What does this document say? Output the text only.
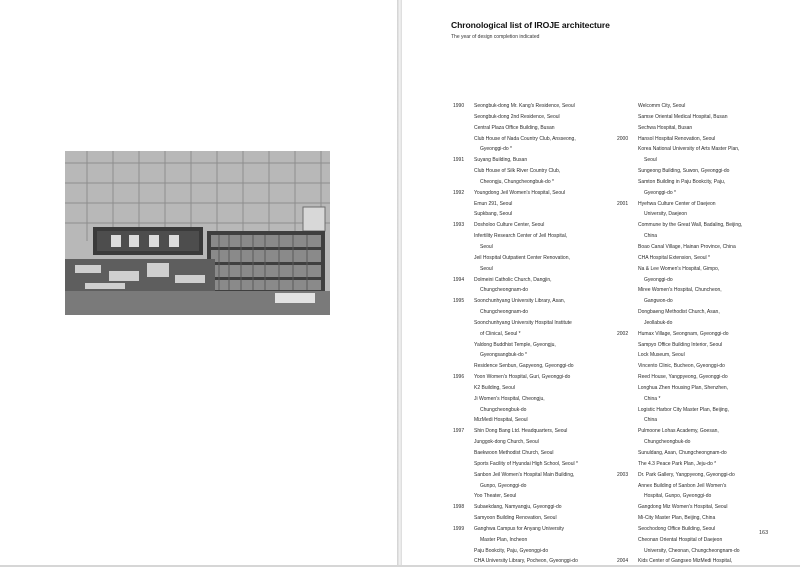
Chronological list of IROJE architecture
The year of design completion indicated
1990 Seongbuk-dong Mr. Kang's Residence, Seoul
Seongbuk-dong 2nd Residence, Seoul
Central Plaza Office Building, Busan
Club House of Nada Country Club, Ansseong,
Gyeonggi-do *
1991 Suyang Building, Busan
Club House of Silk River Country Club,
Cheongju, Chungcheongbuk-do *
1992 Youngdong Jeil Women's Hospital, Seoul
Emun 291, Seoul
Supkbang, Seoul
1993 Dosholoo Culture Center, Seoul
Infertility Research Center of Jeil Hospital,
Seoul
Jeil Hospital Outpatient Center Renovation,
Seoul
1994 Dolmeini Catholic Church, Dangjin,
Chungcheongnam-do
1995 Soonchunhyang University Library, Asan,
Chungcheongnam-do
Soonchunhyang University Hospital Institute
of Clinical, Seoul *
Yaldong Buddhist Temple, Gyeongju,
Gyeongsangbuk-do *
Residence Senbun, Gapyeong, Gyeonggi-do
1996 Yoon Women's Hospital, Guri, Gyeonggi-do
K2 Building, Seoul
Ji Women's Hospital, Cheongju,
Chungcheongbuk-do
MizMedi Hospital, Seoul
1997 Shin Dong Bang Ltd. Headquarters, Seoul
Junggok-dong Church, Seoul
Baekwoon Methodist Church, Seoul
Sports Facility of Hyundai High School, Seoul *
Sanbon Jeil Women's Hospital Main Building,
Gunpo, Gyeonggi-do
Yoo Theater, Seoul
1998 Subaekdang, Namyangju, Gyeonggi-do
Samyoon Building Renovation, Seoul
1999 Ganghwa Campus for Anyang University
Master Plan, Incheon
Paju Bookcity, Paju, Gyeonggi-do
CHA University Library, Pocheon, Gyeonggi-do
Welcomm City, Seoul
Samse Oriental Medical Hospital, Busan
Sechwa Hospital, Busan
2000 Hansol Hospital Renovation, Seoul
Korea National University of Arts Master Plan,
Seoul
Sungeong Building, Suwon, Gyeonggi-do
Samton Building in Paju Bookcity, Paju,
Gyeonggi-do *
2001 Hyehwa Culture Center of Daejeon
University, Daejeon
Commune by the Great Wall, Badaling, Beijing,
China
Boao Canal Village, Hainan Province, China
CHA Hospital Extension, Seoul *
Na & Lee Women's Hospital, Gimpo,
Gyeonggi-do
Miree Women's Hospital, Chuncheon,
Gangwon-do
Dongbaeng Methodist Church, Asan,
Jeollabuk-do
2002 Humax Village, Seongnam, Gyeonggi-do
Sampyo Office Building Interior, Seoul
Lock Museum, Seoul
Vincento Clinic, Bucheon, Gyeonggi-do
Reed House, Yangpyeong, Gyeonggi-do
Longhua Zhen Housing Plan, Shenzhen,
China *
Logistic Harbor City Master Plan, Beijing,
China
Pulmoone Lohas Academy, Goesan,
Chungcheongbuk-do
Sunuldang, Asan, Chungcheongnam-do
The 4.3 Peace Park Plan, Jeju-do *
2003 Dr. Park Gallery, Yangpyeong, Gyeonggi-do
Annex Building of Sanbon Jeil Women's
Hospital, Gunpo, Gyeonggi-do
Gangdong Miz Women's Hospital, Seoul
Mi-City Master Plan, Beijing, China
Seochodong Office Building, Seoul
Cheonan Oriental Hospital of Daejeon
University, Cheonan, Chungcheongnam-do
2004 Kids Center of Gangseo MizMedi Hospital,
163
